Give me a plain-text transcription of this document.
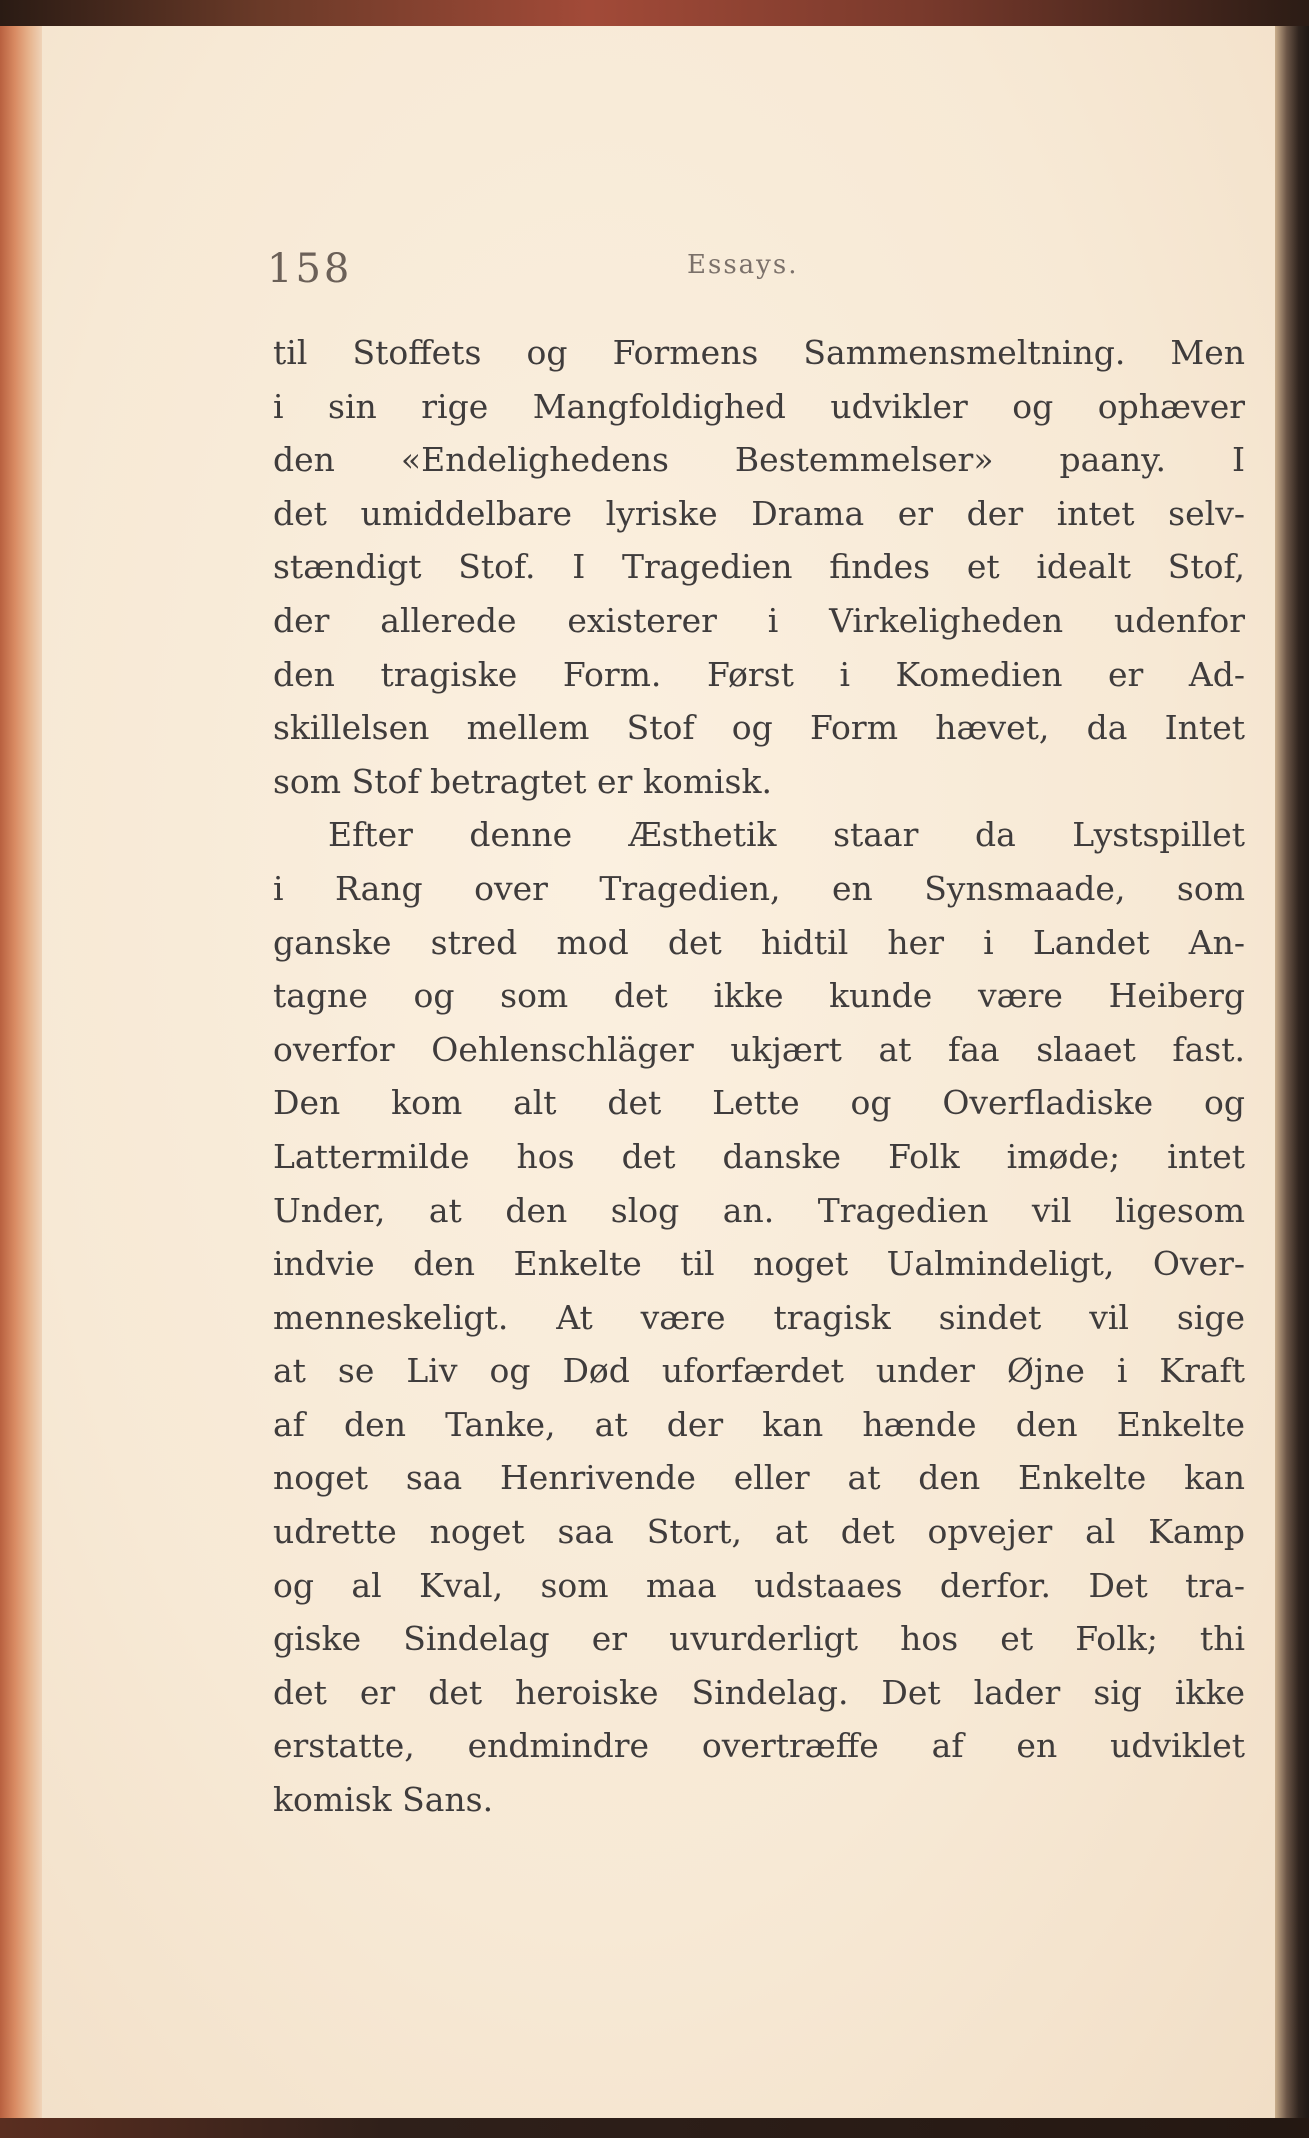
158	Essays.
til Stoffets og Formens Sammensmeltning. Men
i sin rige Mangfoldighed udvikler og ophæver
den «Endelighedens Bestemmelser» paany. I
det umiddelbare lyriske Drama er der intet selv-
stændigt Stof. I Tragedien findes et idealt Stof,
der allerede existerer i Virkeligheden udenfor
den tragiske Form. Først i Komedien er Ad-
skillelsen mellem Stof og Form hævet, da Intet
som Stof betragtet er komisk.
Efter denne Æsthetik staar da Lystspillet
i Rang over Tragedien, en Synsmaade, som
ganske stred mod det hidtil her i Landet An-
tagne og som det ikke kunde være Heiberg
overfor Oehlenschläger ukjært at faa slaaet fast.
Den kom alt det Lette og Overfladiske og
Lattermilde hos det danske Folk imøde; intet
Under, at den slog an. Tragedien vil ligesom
indvie den Enkelte til noget Ualmindeligt, Over-
menneskeligt. At være tragisk sindet vil sige
at se Liv og Død uforfærdet under Øjne i Kraft
af den Tanke, at der kan hænde den Enkelte
noget saa Henrivende eller at den Enkelte kan
udrette noget saa Stort, at det opvejer al Kamp
og al Kval, som maa udstaaes derfor. Det tra-
giske Sindelag er uvurderligt hos et Folk; thi
det er det heroiske Sindelag. Det lader sig ikke
erstatte, endmindre overtræffe af en udviklet
komisk Sans.
